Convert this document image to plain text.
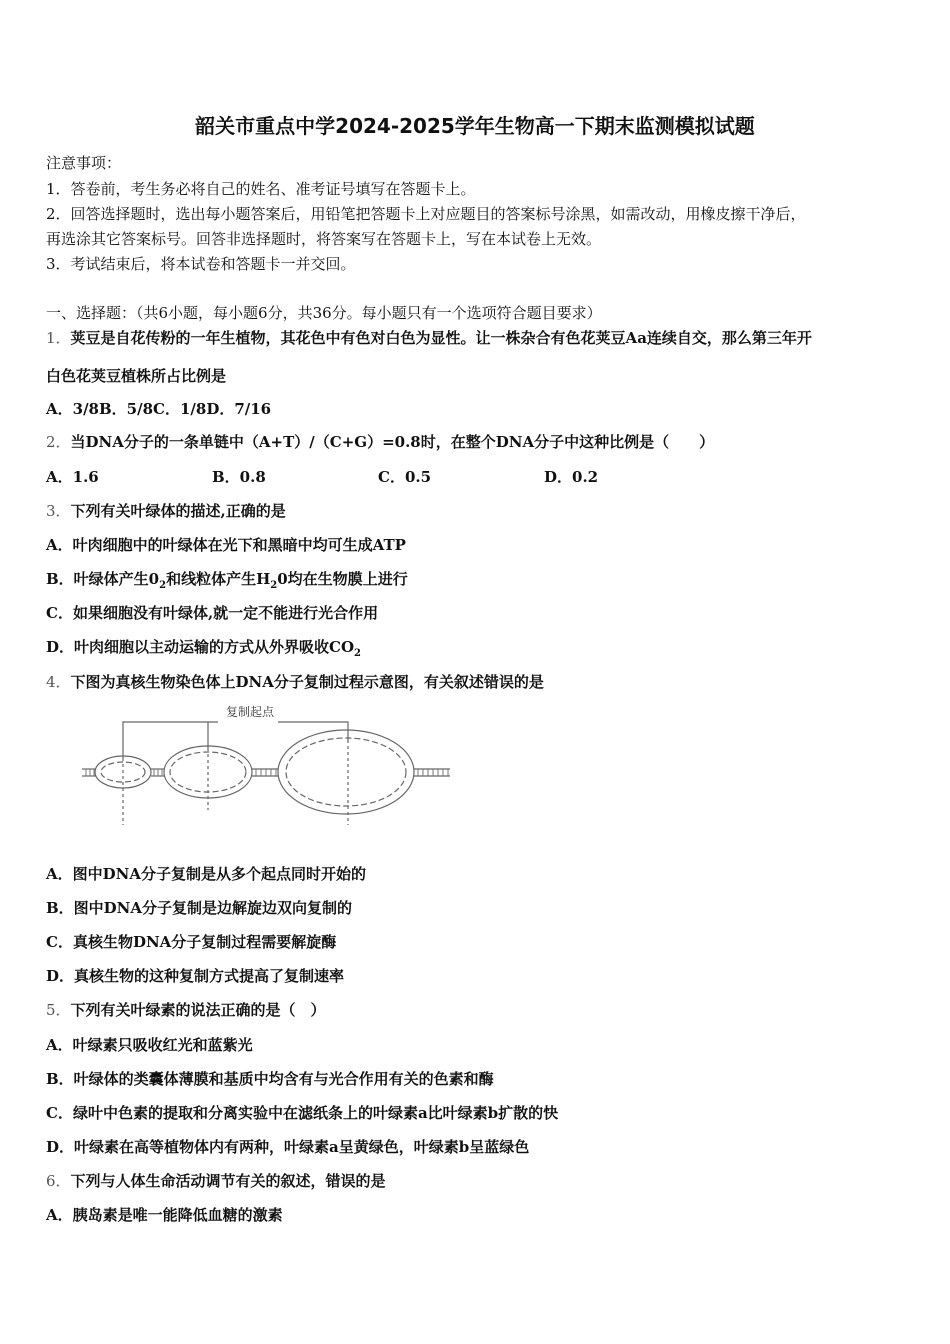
韶关市重点中学2024-2025学年生物高一下期末监测模拟试题
注意事项：
1．答卷前，考生务必将自己的姓名、准考证号填写在答题卡上。
2．回答选择题时，选出每小题答案后，用铅笔把答题卡上对应题目的答案标号涂黑，如需改动，用橡皮擦干净后，
再选涂其它答案标号。回答非选择题时，将答案写在答题卡上，写在本试卷上无效。
3．考试结束后，将本试卷和答题卡一并交回。
一、选择题：（共6小题，每小题6分，共36分。每小题只有一个选项符合题目要求）
1．荚豆是自花传粉的一年生植物，其花色中有色对白色为显性。让一株杂合有色花荚豆Aa连续自交，那么第三年开
白色花荚豆植株所占比例是
A．3/8B．5/8C．1/8D．7/16
2．当DNA分子的一条单链中（A+T）/（C+G）=0.8时，在整个DNA分子中这种比例是（　　）
A．1.6	B．0.8	C．0.5	D．0.2
3．下列有关叶绿体的描述,正确的是
A．叶肉细胞中的叶绿体在光下和黑暗中均可生成ATP
B．叶绿体产生$0_2$和线粒体产生$H_20$均在生物膜上进行
C．如果细胞没有叶绿体,就一定不能进行光合作用
D．叶肉细胞以主动运输的方式从外界吸收$CO_2$
4．下图为真核生物染色体上DNA分子复制过程示意图，有关叙述错误的是
复制起点
A．图中DNA分子复制是从多个起点同时开始的
B．图中DNA分子复制是边解旋边双向复制的
C．真核生物DNA分子复制过程需要解旋酶
D．真核生物的这种复制方式提高了复制速率
5．下列有关叶绿素的说法正确的是（　）
A．叶绿素只吸收红光和蓝紫光
B．叶绿体的类囊体薄膜和基质中均含有与光合作用有关的色素和酶
C．绿叶中色素的提取和分离实验中在滤纸条上的叶绿素a比叶绿素b扩散的快
D．叶绿素在高等植物体内有两种，叶绿素a呈黄绿色，叶绿素b呈蓝绿色
6．下列与人体生命活动调节有关的叙述，错误的是
A．胰岛素是唯一能降低血糖的激素
